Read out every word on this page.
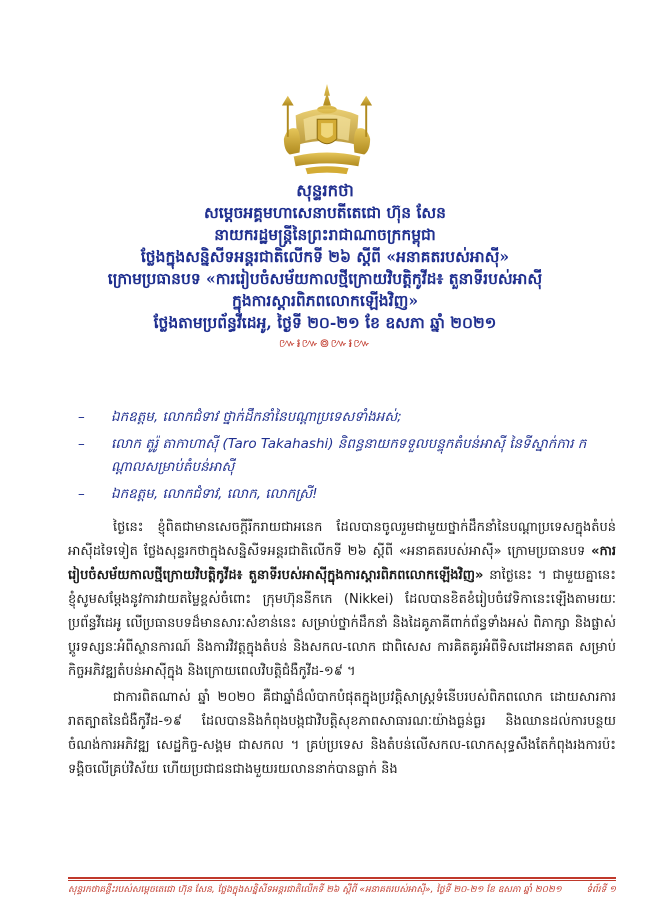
សុន្ទរកថា
សម្ដេចអគ្គមហាសេនាបតីតេជោ ហ៊ុន សែន
នាយករដ្ឋមន្រ្តីនៃព្រះរាជាណាចក្រកម្ពុជា
ថ្លែងក្នុងសន្និសីទអន្តរជាតិលើកទី ២៦ ស្ដីពី «អនាគតរបស់អាស៊ី»
ក្រោមប្រធានបទ «ការរៀបចំសម័យកាលថ្មីក្រោយវិបត្តិកូវីដ៖ តួនាទីរបស់អាស៊ី
ក្នុងការស្តារពិភពលោកឡើងវិញ»
ថ្លែងតាមប្រព័ន្ធវីដេអូ, ថ្ងៃទី ២០-២១ ខែ ឧសភា ឆ្នាំ ២០២១
៚៛៚៙៚៛៚
– ឯកឧត្តម, លោកជំទាវ ថ្នាក់ដឹកនាំនៃបណ្តាប្រទេសទាំងអស់;
– លោក តូរ៉ូ តាកាហាស៊ី (Taro Takahashi) និពន្ធនាយកទទួលបន្ទុកតំបន់អាស៊ី នៃទីស្នាក់ការ ក ណ្តាលសម្រាប់តំបន់អាស៊ី
– ឯកឧត្តម, លោកជំទាវ, លោក, លោកស្រី!

ថ្ងៃនេះ ខ្ញុំពិតជាមានសេចក្តីរីករាយជាអនេក ដែលបានចូលរួមជាមួយថ្នាក់ដឹកនាំនៃបណ្តាប្រទេសក្នុងតំបន់អាស៊ីដទៃទៀត ថ្លែងសុន្ទរកថាក្នុងសន្និសីទអន្តរជាតិលើកទី ២៦ ស្តីពី «អនាគតរបស់អាស៊ី» ក្រោមប្រធានបទ «ការរៀបចំសម័យកាលថ្មីក្រោយវិបត្តិកូវីដ៖ តួនាទីរបស់អាស៊ីក្នុងការស្តារពិភពលោកឡើងវិញ» នាថ្ងៃនេះ ។ ជាមួយគ្នានេះ ខ្ញុំសូមសម្តែងនូវការវាយតម្លៃខ្ពស់ចំពោះ ក្រុមហ៊ុននីកកេ (Nikkei) ដែលបានខិតខំរៀបចំវេទិកានេះឡើងតាមរយៈប្រព័ន្ធវីដេអូ លើប្រធានបទដ៏មានសារៈសំខាន់នេះ សម្រាប់ថ្នាក់ដឹកនាំ និងដៃគូភាគីពាក់ព័ន្ធទាំងអស់ ពិភាក្សា និងផ្លាស់ប្តូរទស្សនៈអំពីស្ថានការណ៍ និងការវិវត្តក្នុងតំបន់ និងសកល-លោក ជាពិសេស ការគិតគូរអំពីទិសដៅអនាគត សម្រាប់កិច្ចអភិវឌ្ឍតំបន់អាស៊ីក្នុង និងក្រោយពេលវិបត្តិជំងឺកូវីដ-១៩ ។

ជាការពិតណាស់ ឆ្នាំ ២០២០ គឺជាឆ្នាំដ៏លំបាកបំផុតក្នុងប្រវត្តិសាស្ត្រទំនើបរបស់ពិភពលោក ដោយសារការរាតត្បាតនៃជំងឺកូវីដ-១៩ ដែលបាននិងកំពុងបង្កជាវិបត្តិសុខភាពសាធារណៈយ៉ាងធ្ងន់ធ្ងរ និងឈានដល់ការបន្ថយចំណង់ការអភិវឌ្ឍ សេដ្ឋកិច្ច-សង្គម ជាសកល ។ គ្រប់ប្រទេស និងតំបន់លើសកល-លោកសុទ្ធសឹងតែកំពុងរងការប៉ះទង្គិចលើគ្រប់វិស័យ ហើយប្រជាជនជាងមួយរយលាននាក់បានធ្លាក់ និង

សុន្ទរកថាគន្លឹះរបស់សម្តេចតេជោ ហ៊ុន សែន, ថ្លែងក្នុងសន្និសីទអន្តរជាតិលើកទី ២៦ ស្តីពី «អនាគតរបស់អាស៊ី», ថ្ងៃទី ២០-២១ ខែ ឧសភា ឆ្នាំ ២០២១	ទំព័រទី ១
